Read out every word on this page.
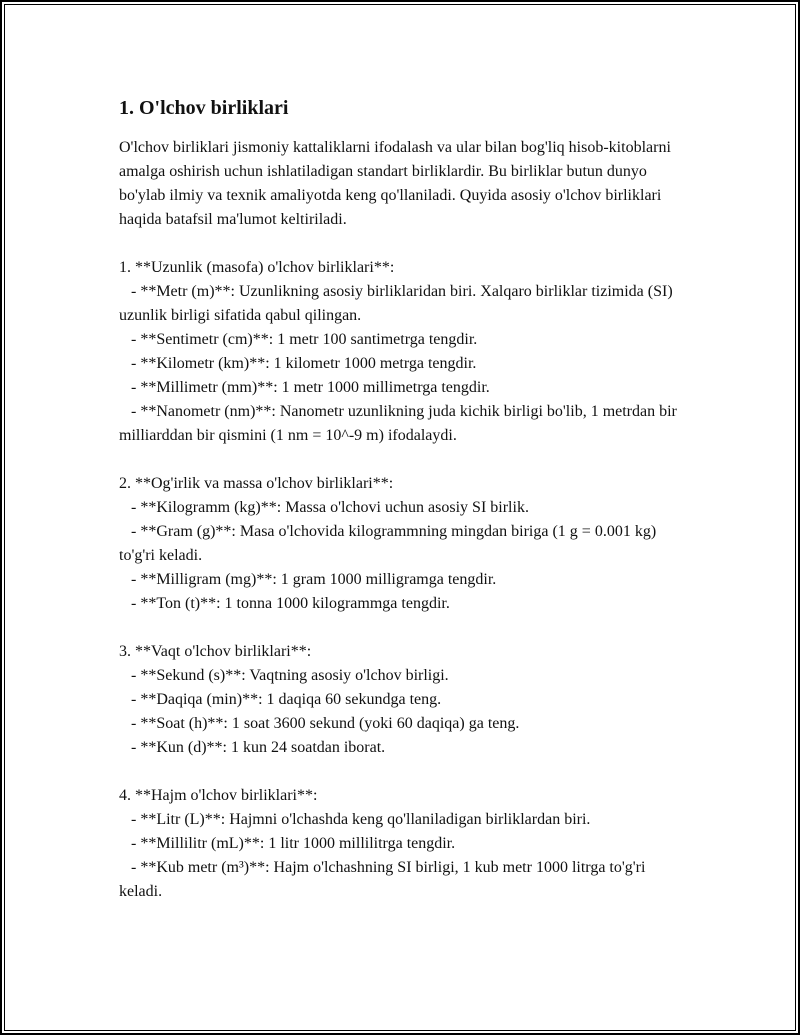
1. O'lchov birliklari

O'lchov birliklari jismoniy kattaliklarni ifodalash va ular bilan bog'liq hisob-kitoblarni amalga oshirish uchun ishlatiladigan standart birliklardir. Bu birliklar butun dunyo bo'ylab ilmiy va texnik amaliyotda keng qo'llaniladi. Quyida asosiy o'lchov birliklari haqida batafsil ma'lumot keltiriladi.

1. **Uzunlik (masofa) o'lchov birliklari**:
- **Metr (m)**: Uzunlikning asosiy birliklaridan biri. Xalqaro birliklar tizimida (SI) uzunlik birligi sifatida qabul qilingan.
- **Sentimetr (cm)**: 1 metr 100 santimetrga tengdir.
- **Kilometr (km)**: 1 kilometr 1000 metrga tengdir.
- **Millimetr (mm)**: 1 metr 1000 millimetrga tengdir.
- **Nanometr (nm)**: Nanometr uzunlikning juda kichik birligi bo'lib, 1 metrdan bir milliarddan bir qismini (1 nm = 10^-9 m) ifodalaydi.
2. **Og'irlik va massa o'lchov birliklari**:
- **Kilogramm (kg)**: Massa o'lchovi uchun asosiy SI birlik.
- **Gram (g)**: Masa o'lchovida kilogrammning mingdan biriga (1 g = 0.001 kg) to'g'ri keladi.
- **Milligram (mg)**: 1 gram 1000 milligramga tengdir.
- **Ton (t)**: 1 tonna 1000 kilogrammga tengdir.
3. **Vaqt o'lchov birliklari**:
- **Sekund (s)**: Vaqtning asosiy o'lchov birligi.
- **Daqiqa (min)**: 1 daqiqa 60 sekundga teng.
- **Soat (h)**: 1 soat 3600 sekund (yoki 60 daqiqa) ga teng.
- **Kun (d)**: 1 kun 24 soatdan iborat.
4. **Hajm o'lchov birliklari**:
- **Litr (L)**: Hajmni o'lchashda keng qo'llaniladigan birliklardan biri.
- **Millilitr (mL)**: 1 litr 1000 millilitrga tengdir.
- **Kub metr (m³)**: Hajm o'lchashning SI birligi, 1 kub metr 1000 litrga to'g'ri keladi.
